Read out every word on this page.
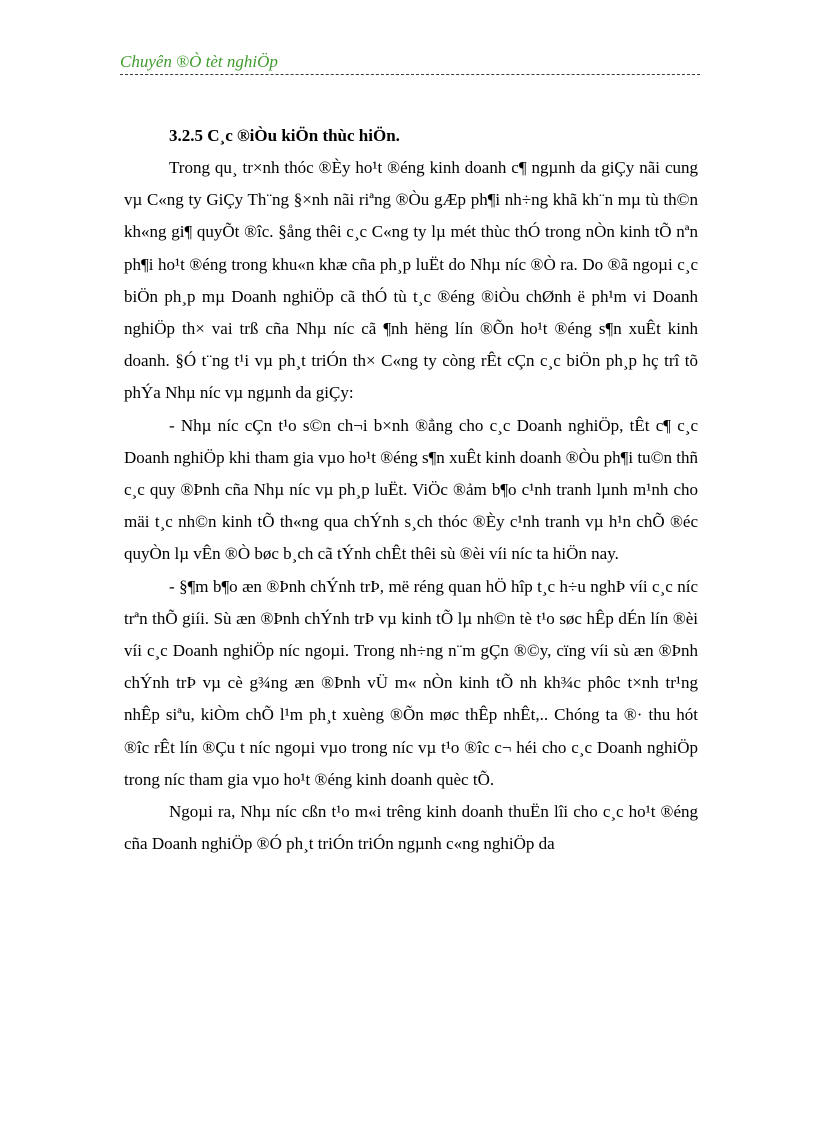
Chuyên ®Ò tèt nghiÖp
3.2.5 C¸c ®iÒu kiÖn thùc hiÖn.

Trong qu¸ tr×nh thóc ®Èy ho¹t ®éng kinh doanh c¶ ngµnh da giÇy nãi cung vµ C«ng ty GiÇy Th¨ng §×nh nãi riªng ®Òu gÆp ph¶i nh÷ng khã kh¨n mµ tù th©n kh«ng gi¶ quyÕt ®îc. §ång thêi c¸c C«ng ty lµ mét thùc thÓ trong nÒn kinh tÕ nªn ph¶i ho¹t ®éng trong khu«n khæ cña ph¸p luËt do Nhµ níc ®Ò ra. Do ®ã ngoµi c¸c biÖn ph¸p mµ Doanh nghiÖp cã thÓ tù t¸c ®éng ®iÒu chØnh ë ph¹m vi Doanh nghiÖp th× vai trß cña Nhµ níc cã ¶nh hëng lín ®Õn ho¹t ®éng s¶n xuÊt kinh doanh. §Ó t¨ng t¹i vµ ph¸t triÓn th× C«ng ty còng rÊt cÇn c¸c biÖn ph¸p hç trî tõ phÝa Nhµ níc vµ ngµnh da giÇy:

- Nhµ níc cÇn t¹o s©n ch¬i b×nh ®ẳng cho c¸c Doanh nghiÖp, tÊt c¶ c¸c Doanh nghiÖp khi tham gia vµo ho¹t ®éng s¶n xuÊt kinh doanh ®Òu ph¶i tu©n thñ c¸c quy ®Þnh cña Nhµ níc vµ ph¸p luËt. ViÖc ®ảm b¶o c¹nh tranh lµnh m¹nh cho mäi t¸c nh©n kinh tÕ th«ng qua chÝnh s¸ch thóc ®Èy c¹nh tranh vµ h¹n chÕ ®éc quyÒn lµ vÊn ®Ò bøc b¸ch cã tÝnh chÊt thêi sù ®èi víi níc ta hiÖn nay.

- §¶m b¶o æn ®Þnh chÝnh trÞ, më réng quan hÖ hîp t¸c h÷u nghÞ víi c¸c níc trªn thÕ giíi. Sù æn ®Þnh chÝnh trÞ vµ kinh tÕ lµ nh©n tè t¹o søc hÊp dÉn lín ®èi víi c¸c Doanh nghiÖp níc ngoµi. Trong nh÷ng n¨m gÇn ®©y, cïng víi sù æn ®Þnh chÝnh trÞ vµ cè g¾ng æn ®Þnh vÜ m« nÒn kinh tÕ nh kh¾c phôc t×nh tr¹ng nhÊp siªu, kiÒm chÕ l¹m ph¸t xuèng ®Õn møc thÊp nhÊt,.. Chóng ta ®· thu hót ®îc rÊt lín ®Çu t níc ngoµi vµo trong níc vµ t¹o ®îc c¬ héi cho c¸c Doanh nghiÖp trong níc tham gia vµo ho¹t ®éng kinh doanh quèc tÕ.

Ngoµi ra, Nhµ níc cßn t¹o m«i trêng kinh doanh thuËn lîi cho c¸c ho¹t ®éng cña Doanh nghiÖp ®Ó ph¸t triÓn triÓn ngµnh c«ng nghiÖp da
